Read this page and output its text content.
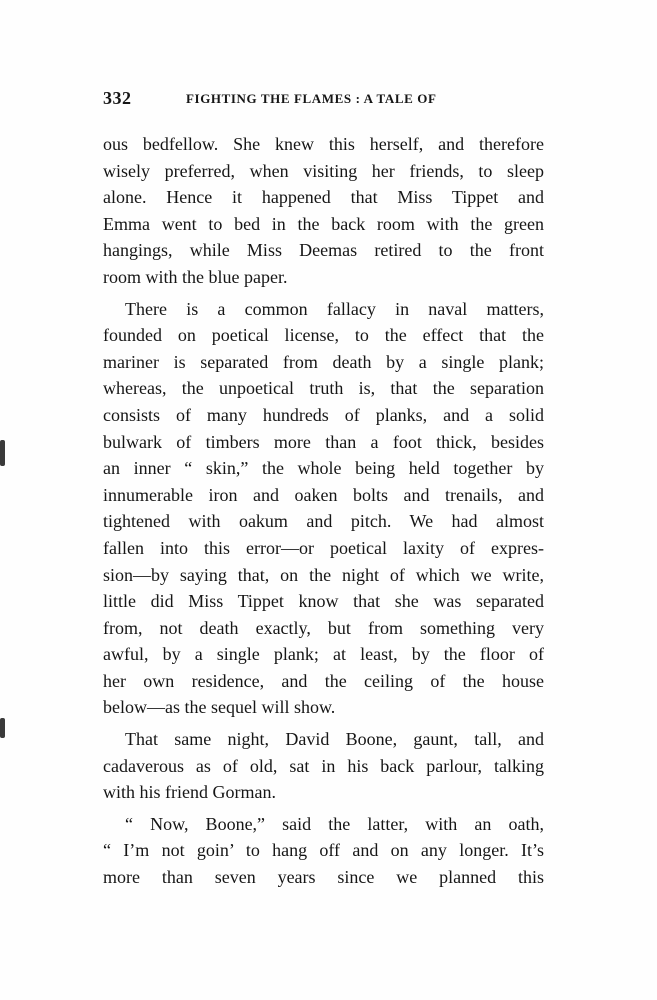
332	FIGHTING THE FLAMES : A TALE OF
ous bedfellow. She knew this herself, and therefore
wisely preferred, when visiting her friends, to sleep
alone. Hence it happened that Miss Tippet and
Emma went to bed in the back room with the green
hangings, while Miss Deemas retired to the front
room with the blue paper.
There is a common fallacy in naval matters,
founded on poetical license, to the effect that the
mariner is separated from death by a single plank;
whereas, the unpoetical truth is, that the separation
consists of many hundreds of planks, and a solid
bulwark of timbers more than a foot thick, besides
an inner “ skin,” the whole being held together by
innumerable iron and oaken bolts and trenails, and
tightened with oakum and pitch. We had almost
fallen into this error—or poetical laxity of expres-
sion—by saying that, on the night of which we write,
little did Miss Tippet know that she was separated
from, not death exactly, but from something very
awful, by a single plank; at least, by the floor of
her own residence, and the ceiling of the house
below—as the sequel will show.
That same night, David Boone, gaunt, tall, and
cadaverous as of old, sat in his back parlour, talking
with his friend Gorman.
“ Now, Boone,” said the latter, with an oath,
“ I’m not goin’ to hang off and on any longer. It’s
more than seven years since we planned this
